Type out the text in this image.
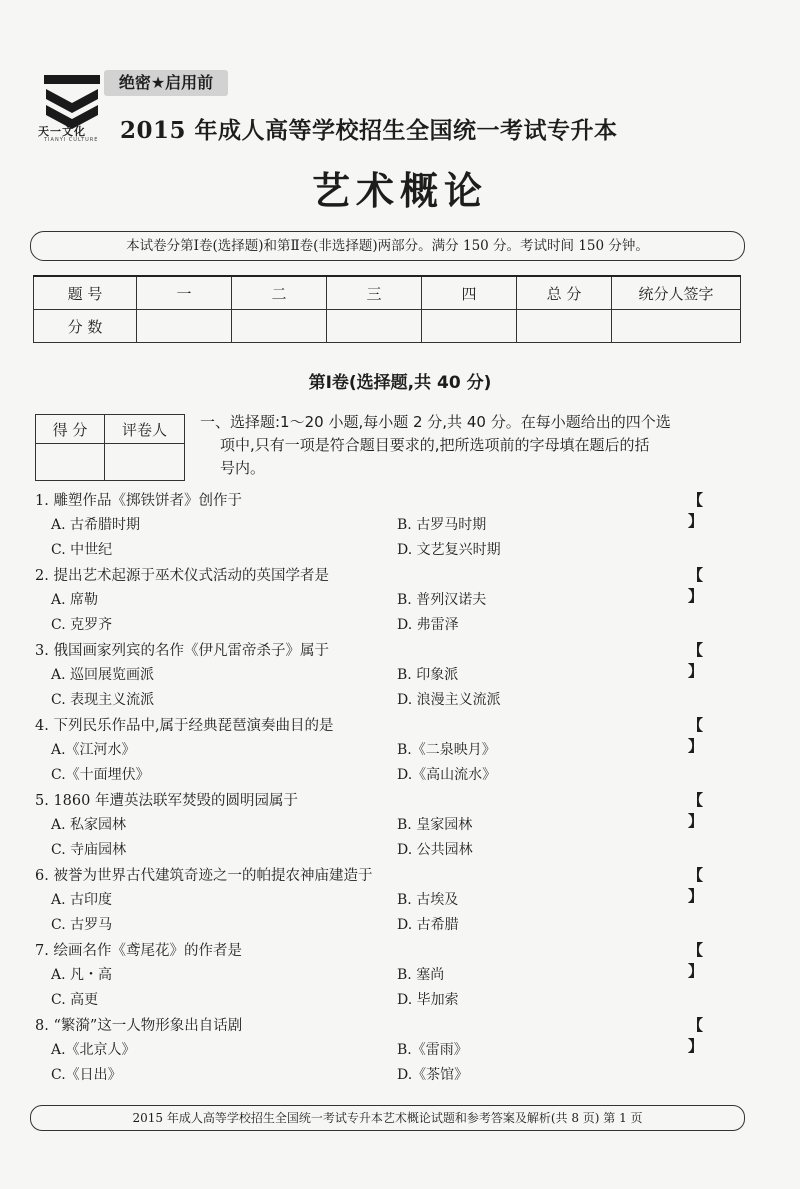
天一文化
TIANYI CULTURE
绝密★启用前
2015 年成人高等学校招生全国统一考试专升本
艺术概论
本试卷分第Ⅰ卷(选择题)和第Ⅱ卷(非选择题)两部分。满分 150 分。考试时间 150 分钟。
题 号	一	二	三	四	总 分	统分人签字
分 数						
第Ⅰ卷(选择题,共 40 分)
得 分	评卷人
	一、选择题:1～20 小题,每小题 2 分,共 40 分。在每小题给出的四个选
项中,只有一项是符合题目要求的,把所选项前的字母填在题后的括
号内。
1. 雕塑作品《掷铁饼者》创作于
A. 古希腊时期	B. 古罗马时期
C. 中世纪	D. 文艺复兴时期
【】
2. 提出艺术起源于巫术仪式活动的英国学者是
A. 席勒	B. 普列汉诺夫
C. 克罗齐	D. 弗雷泽
【】
3. 俄国画家列宾的名作《伊凡雷帝杀子》属于
A. 巡回展览画派	B. 印象派
C. 表现主义流派	D. 浪漫主义流派
【】
4. 下列民乐作品中,属于经典琵琶演奏曲目的是
A.《江河水》	B.《二泉映月》
C.《十面埋伏》	D.《高山流水》
【】
5. 1860 年遭英法联军焚毁的圆明园属于
A. 私家园林	B. 皇家园林
C. 寺庙园林	D. 公共园林
【】
6. 被誉为世界古代建筑奇迹之一的帕提农神庙建造于
A. 古印度	B. 古埃及
C. 古罗马	D. 古希腊
【】
7. 绘画名作《鸢尾花》的作者是
A. 凡・高	B. 塞尚
C. 高更	D. 毕加索
【】
8. “繁漪”这一人物形象出自话剧
A.《北京人》	B.《雷雨》
C.《日出》	D.《茶馆》
【】
2015 年成人高等学校招生全国统一考试专升本艺术概论试题和参考答案及解析(共 8 页) 第 1 页
